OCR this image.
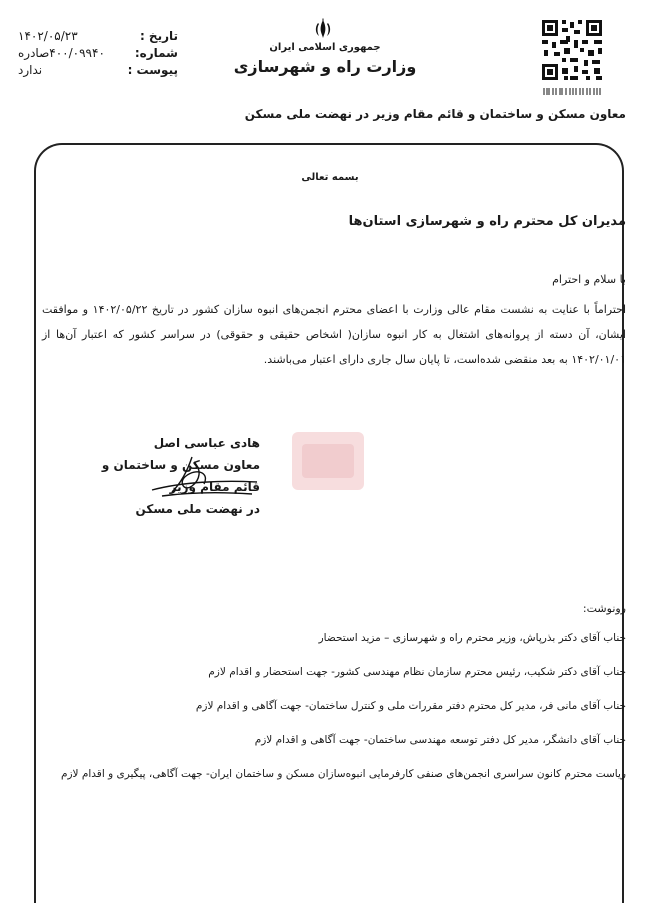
تاریخ :
۱۴۰۲/۰۵/۲۳
شماره:
۴۰۰/۰۹۹۴۰صادره
پیوست :
ندارد
جمهوری اسلامی ایران
وزارت راه و شهرسازی
معاون مسکن و ساختمان و قائم مقام وزیر در نهضت ملی مسکن
بسمه تعالی
مدیران کل محترم راه و شهرسازی استان‌ها
با سلام و احترام
احتراماً با عنایت به نشست مقام عالی وزارت با اعضای محترم انجمن‌های انبوه سازان کشور در تاریخ ۱۴۰۲/۰۵/۲۲ و موافقت ایشان، آن دسته از پروانه‌های اشتغال به کار انبوه سازان( اشخاص حقیقی و حقوقی) در سراسر کشور که اعتبار آن‌ها از ۱۴۰۲/۰۱/۰۱ به بعد منقضی شده‌است، تا پایان سال جاری دارای اعتبار می‌باشند.
هادی عباسی اصل
معاون مسکن و ساختمان و قائم مقام وزیر
در نهضت ملی مسکن
رونوشت:
جناب آقای دکتر بذرپاش، وزیر محترم راه و شهرسازی – مزید استحضار
جناب آقای دکتر شکیب، رئیس محترم سازمان نظام مهندسی کشور- جهت استحضار و اقدام لازم
جناب آقای مانی فر، مدیر کل محترم دفتر مقررات ملی و کنترل ساختمان- جهت آگاهی و اقدام لازم
جناب آقای دانشگر، مدیر کل دفتر توسعه مهندسی ساختمان- جهت آگاهی و اقدام لازم
ریاست محترم کانون سراسری انجمن‌های صنفی کارفرمایی انبوه‌سازان مسکن و ساختمان ایران- جهت آگاهی، پیگیری و اقدام لازم
